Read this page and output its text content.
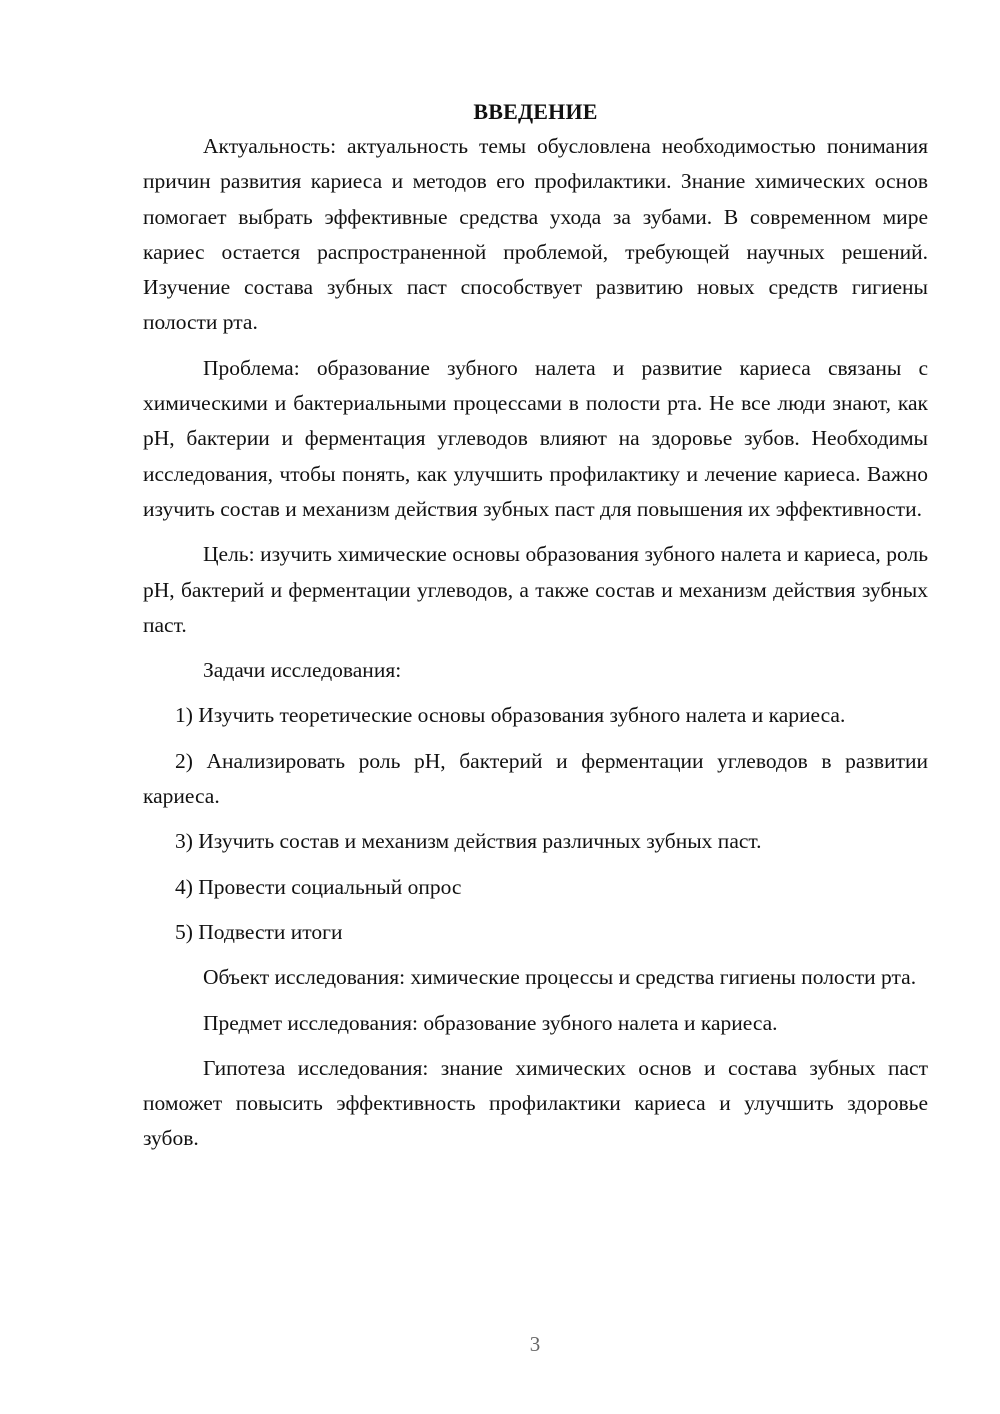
ВВЕДЕНИЕ

Актуальность: актуальность темы обусловлена необходимостью понимания причин развития кариеса и методов его профилактики. Знание химических основ помогает выбрать эффективные средства ухода за зубами. В современном мире кариес остается распространенной проблемой, требующей научных решений. Изучение состава зубных паст способствует развитию новых средств гигиены полости рта.

Проблема: образование зубного налета и развитие кариеса связаны с химическими и бактериальными процессами в полости рта. Не все люди знают, как pH, бактерии и ферментация углеводов влияют на здоровье зубов. Необходимы исследования, чтобы понять, как улучшить профилактику и лечение кариеса. Важно изучить состав и механизм действия зубных паст для повышения их эффективности.

Цель: изучить химические основы образования зубного налета и кариеса, роль pH, бактерий и ферментации углеводов, а также состав и механизм действия зубных паст.

Задачи исследования:

1) Изучить теоретические основы образования зубного налета и кариеса.

2) Анализировать роль pH, бактерий и ферментации углеводов в развитии кариеса.

3) Изучить состав и механизм действия различных зубных паст.

4) Провести социальный опрос

5) Подвести итоги

Объект исследования: химические процессы и средства гигиены полости рта.

Предмет исследования: образование зубного налета и кариеса.

Гипотеза исследования: знание химических основ и состава зубных паст поможет повысить эффективность профилактики кариеса и улучшить здоровье зубов.

3
